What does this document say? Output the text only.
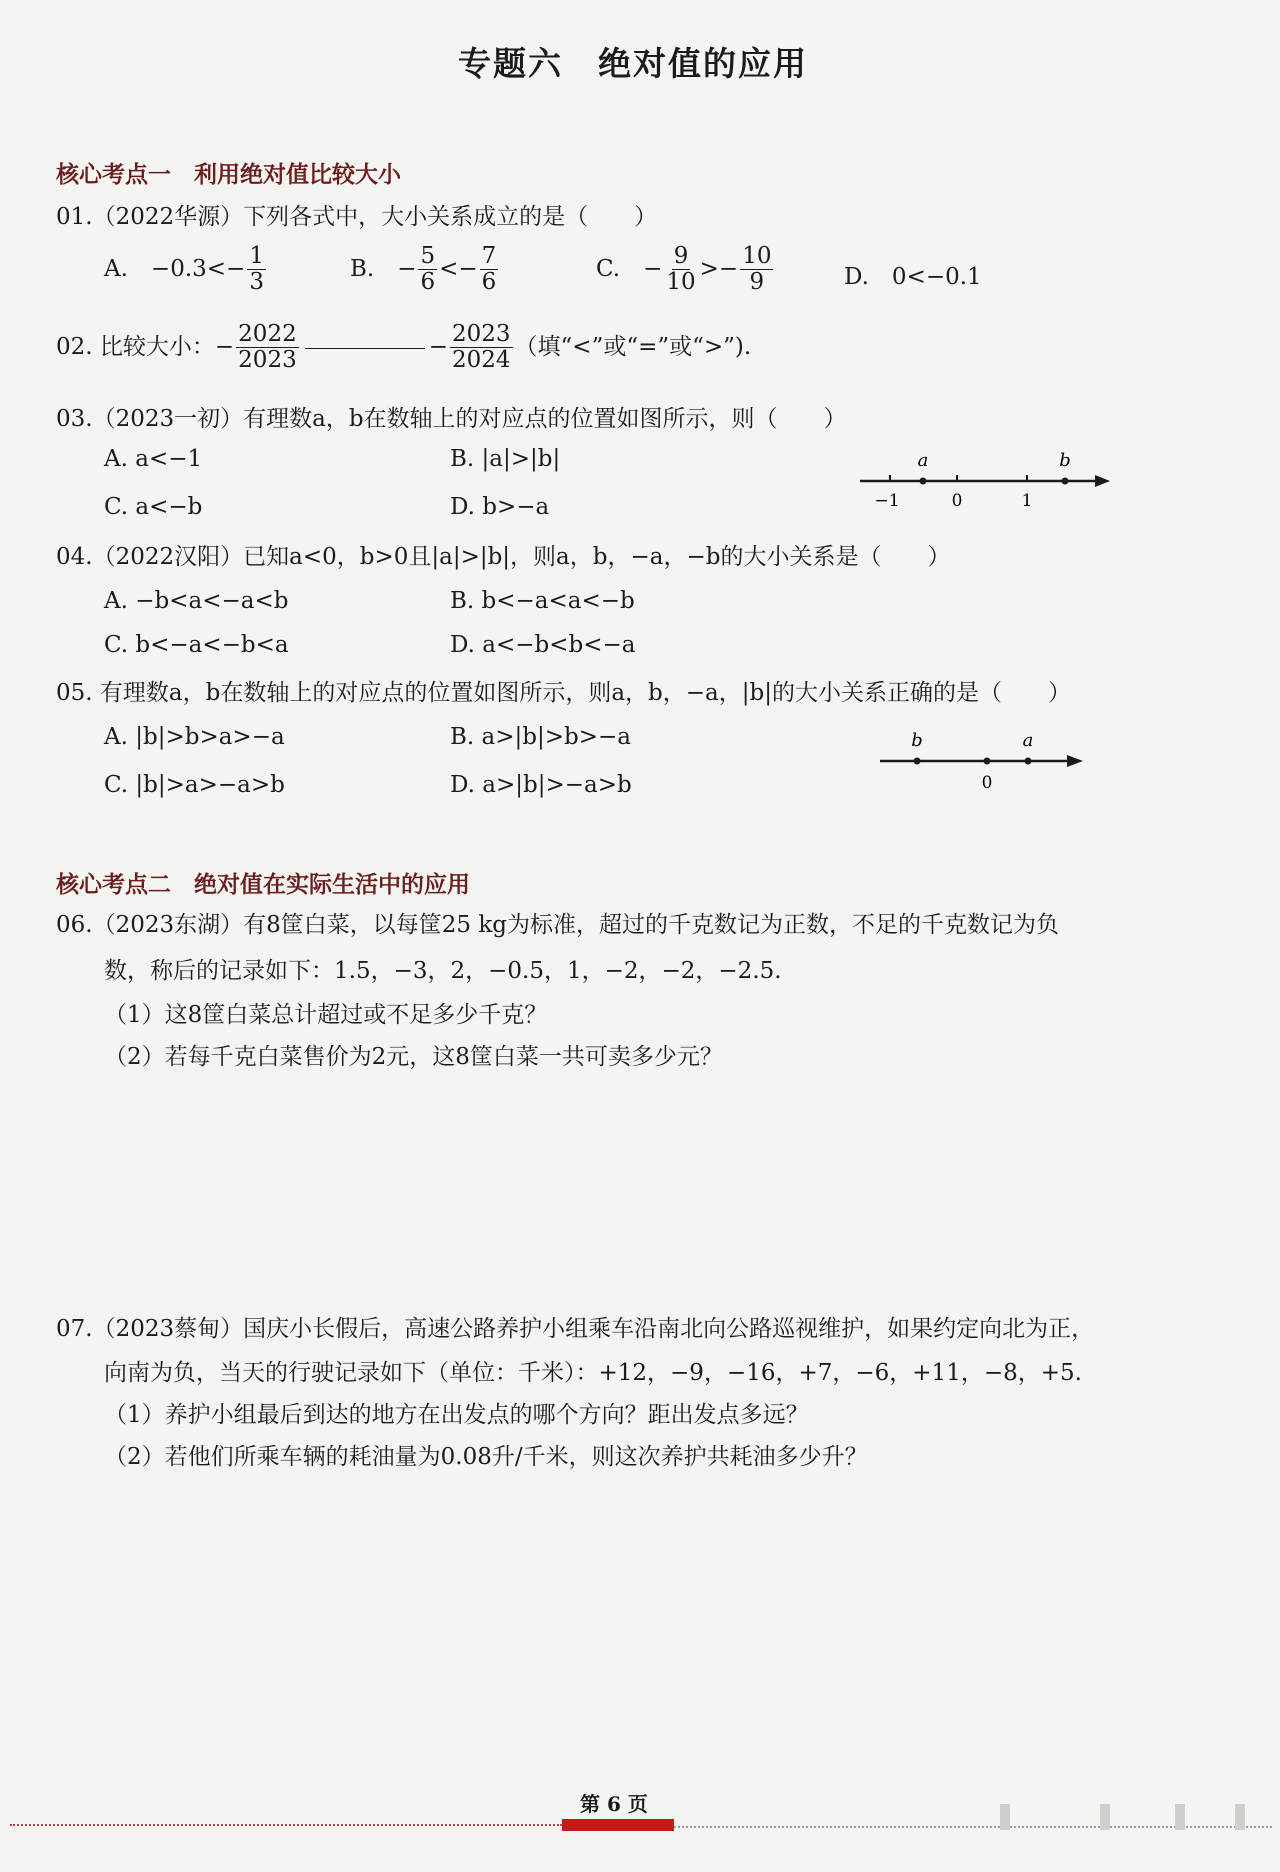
专题六　绝对值的应用
核心考点一　利用绝对值比较大小
01.（2022华源）下列各式中，大小关系成立的是（　　）
A.　$-0.3<- \frac{1}{3}$	B.　− $\frac{5}{6} <- \frac{7}{6}$	C.　− $\frac{9}{10} >- \frac{10}{9}$	D.　0<−0.1
02. 比较大小：− $\frac{2022}{2023}$	− $\frac{2023}{2024}$ （填“<”或“=”或“>”).
03.（2023一初）有理数a，b在数轴上的对应点的位置如图所示，则（　　）
A. a<−1	B. |a|>|b|
C. a<−b	D. b>−a
a	b
−1	0	1
04.（2022汉阳）已知a<0，b>0且|a|>|b|，则a，b，−a，−b的大小关系是（　　）
A. −b<a<−a<b	B. b<−a<a<−b
C. b<−a<−b<a	D. a<−b<b<−a
05. 有理数a，b在数轴上的对应点的位置如图所示，则a，b，−a，|b|的大小关系正确的是（　　）
A. |b|>b>a>−a	B. a>|b|>b>−a
C. |b|>a>−a>b	D. a>|b|>−a>b
b	a
0
核心考点二　绝对值在实际生活中的应用
06.（2023东湖）有8筐白菜，以每筐25 kg为标准，超过的千克数记为正数，不足的千克数记为负
数，称后的记录如下：1.5，−3，2，−0.5，1，−2，−2，−2.5.
（1）这8筐白菜总计超过或不足多少千克？
（2）若每千克白菜售价为2元，这8筐白菜一共可卖多少元？
07.（2023蔡甸）国庆小长假后，高速公路养护小组乘车沿南北向公路巡视维护，如果约定向北为正，
向南为负，当天的行驶记录如下（单位：千米）：+12，−9，−16，+7，−6，+11，−8，+5.
（1）养护小组最后到达的地方在出发点的哪个方向？距出发点多远？
（2）若他们所乘车辆的耗油量为0.08升/千米，则这次养护共耗油多少升？
第 6 页
